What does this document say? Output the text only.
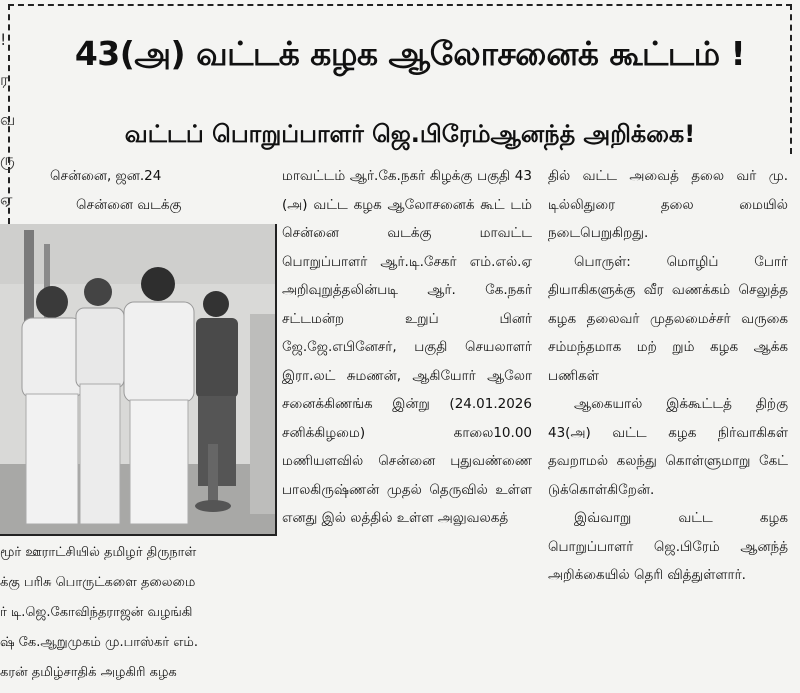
!
ர
வ
ரு
ஏ
43(அ) வட்டக் கழக ஆலோசனைக் கூட்டம் !
வட்டப் பொறுப்பாளர் ஜெ.பிரேம்ஆனந்த் அறிக்கை!

சென்னை, ஜன.24

சென்னை வடக்கு

மாவட்டம் ஆர்.கே.நகர் கிழக்கு பகுதி 43 (அ) வட்ட கழக ஆலோசனைக் கூட் டம் சென்னை வடக்கு மாவட்ட பொறுப்பாளர் ஆர்.டி.சேகர் எம்.எல்.ஏ அறிவுறுத்தலின்படி ஆர். கே.நகர் சட்டமன்ற உறுப் பினர் ஜே.ஜே.எபினேசர், பகுதி செயலாளர் இரா.லட் சுமணன், ஆகியோர் ஆலோ சனைக்கிணங்க இன்று (24.01.2026 சனிக்கிழமை) காலை10.00 மணியளவில் சென்னை புதுவண்ணை பாலகிருஷ்ணன் முதல் தெருவில் உள்ள எனது இல் லத்தில் உள்ள அலுவலகத்

தில் வட்ட அவைத் தலை வர் மு. டில்லிதுரை தலை மையில் நடைபெறுகிறது.

பொருள்: மொழிப் போர் தியாகிகளுக்கு வீர வணக்கம் செலுத்த கழக தலைவர் முதலமைச்சர் வருகை சம்மந்தமாக மற் றும் கழக ஆக்க பணிகள்

ஆகையால் இக்கூட்டத் திற்கு 43(அ) வட்ட கழக நிர்வாகிகள் தவறாமல் கலந்து கொள்ளுமாறு கேட் டுக்கொள்கிறேன்.

இவ்வாறு வட்ட கழக பொறுப்பாளர் ஜெ.பிரேம் ஆனந்த் அறிக்கையில் தெரி வித்துள்ளார்.

மூர் ஊராட்சியில் தமிழர் திருநாள்
க்கு பரிசு பொருட்களை தலைமை
ர் டி.ஜெ.கோவிந்தராஜன் வழங்கி
ஷ் கே.ஆறுமுகம் மு.பாஸ்கர் எம்.
கரன் தமிழ்சாதிக் அழகிரி கழக
